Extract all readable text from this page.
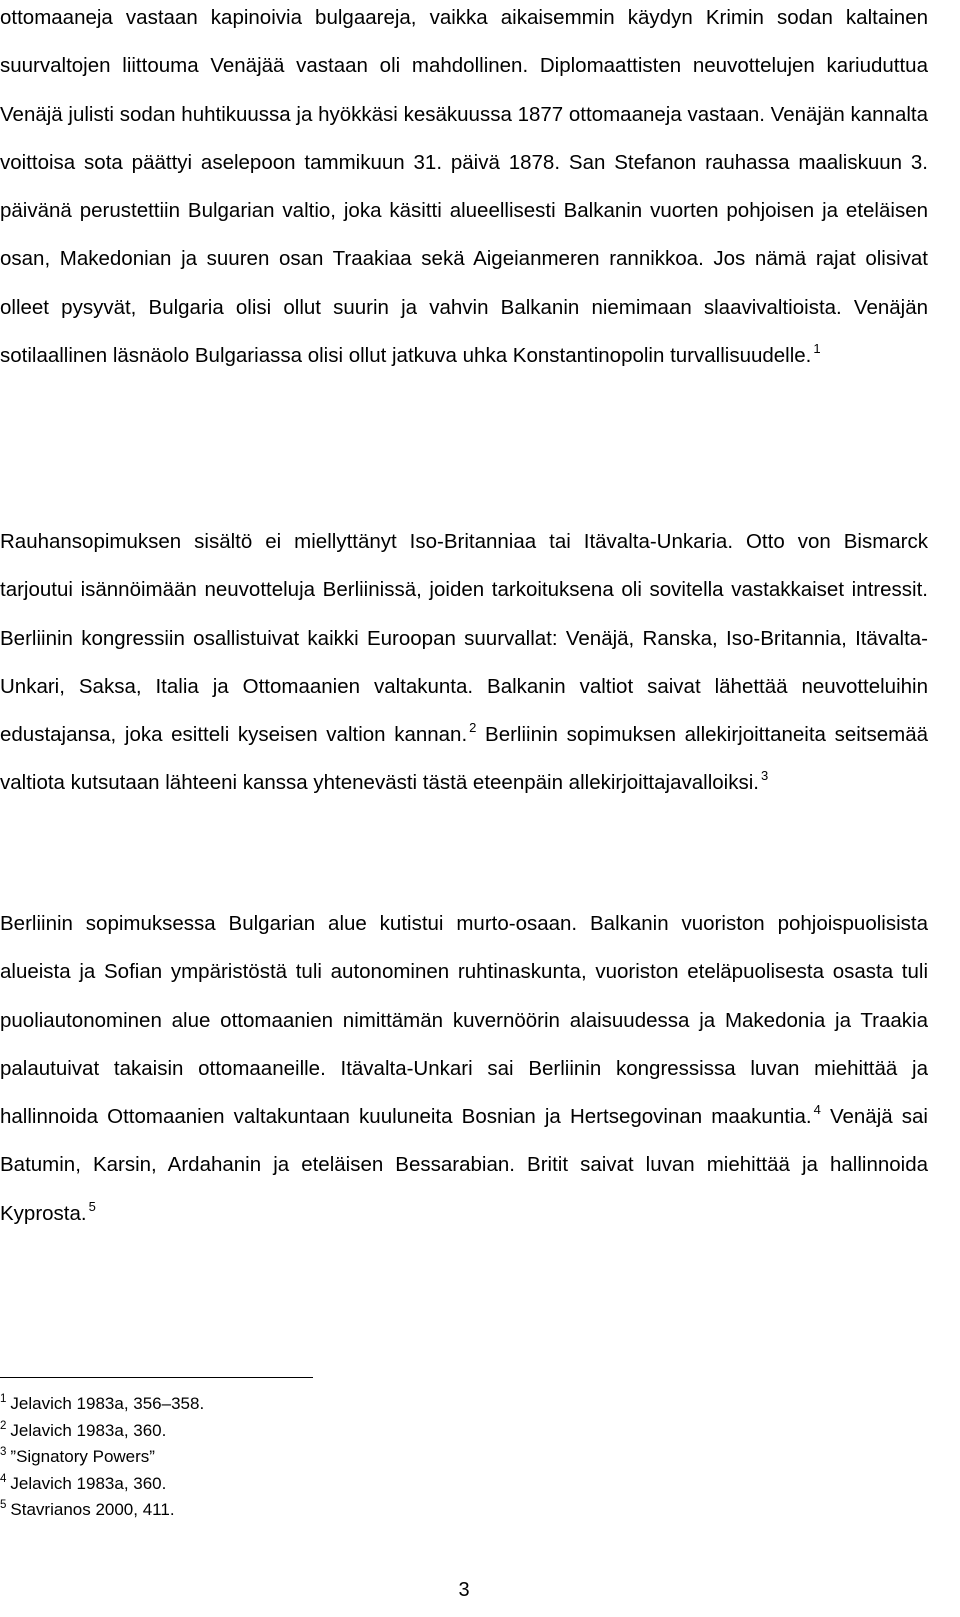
ottomaaneja vastaan kapinoivia bulgaareja, vaikka aikaisemmin käydyn Krimin sodan kaltainen suurvaltojen liittouma Venäjää vastaan oli mahdollinen. Diplomaattisten neuvottelujen kariuduttua Venäjä julisti sodan huhtikuussa ja hyökkäsi kesäkuussa 1877 ottomaaneja vastaan. Venäjän kannalta voittoisa sota päättyi aselepoon tammikuun 31. päivä 1878. San Stefanon rauhassa maaliskuun 3. päivänä perustettiin Bulgarian valtio, joka käsitti alueellisesti Balkanin vuorten pohjoisen ja eteläisen osan, Makedonian ja suuren osan Traakiaa sekä Aigeianmeren rannikkoa. Jos nämä rajat olisivat olleet pysyvät, Bulgaria olisi ollut suurin ja vahvin Balkanin niemimaan slaavivaltioista. Venäjän sotilaallinen läsnäolo Bulgariassa olisi ollut jatkuva uhka Konstantinopolin turvallisuudelle. $^1$

Rauhansopimuksen sisältö ei miellyttänyt Iso-Britanniaa tai Itävalta-Unkaria. Otto von Bismarck tarjoutui isännöimään neuvotteluja Berliinissä, joiden tarkoituksena oli sovitella vastakkaiset intressit. Berliinin kongressiin osallistuivat kaikki Euroopan suurvallat: Venäjä, Ranska, Iso-Britannia, Itävalta-Unkari, Saksa, Italia ja Ottomaanien valtakunta. Balkanin valtiot saivat lähettää neuvotteluihin edustajansa, joka esitteli kyseisen valtion kannan. $^2$ Berliinin sopimuksen allekirjoittaneita seitsemää valtiota kutsutaan lähteeni kanssa yhtenevästi tästä eteenpäin allekirjoittajavalloiksi. $^3$

Berliinin sopimuksessa Bulgarian alue kutistui murto-osaan. Balkanin vuoriston pohjoispuolisista alueista ja Sofian ympäristöstä tuli autonominen ruhtinaskunta, vuoriston eteläpuolisesta osasta tuli puoliautonominen alue ottomaanien nimittämän kuvernöörin alaisuudessa ja Makedonia ja Traakia palautuivat takaisin ottomaaneille. Itävalta-Unkari sai Berliinin kongressissa luvan miehittää ja hallinnoida Ottomaanien valtakuntaan kuuluneita Bosnian ja Hertsegovinan maakuntia. $^4$ Venäjä sai Batumin, Karsin, Ardahanin ja eteläisen Bessarabian. Britit saivat luvan miehittää ja hallinnoida Kyprosta. $^5$

$^1$ Jelavich 1983a, 356–358.
$^2$ Jelavich 1983a, 360.
$^3$ ”Signatory Powers”
$^4$ Jelavich 1983a, 360.
$^5$ Stavrianos 2000, 411.
3
